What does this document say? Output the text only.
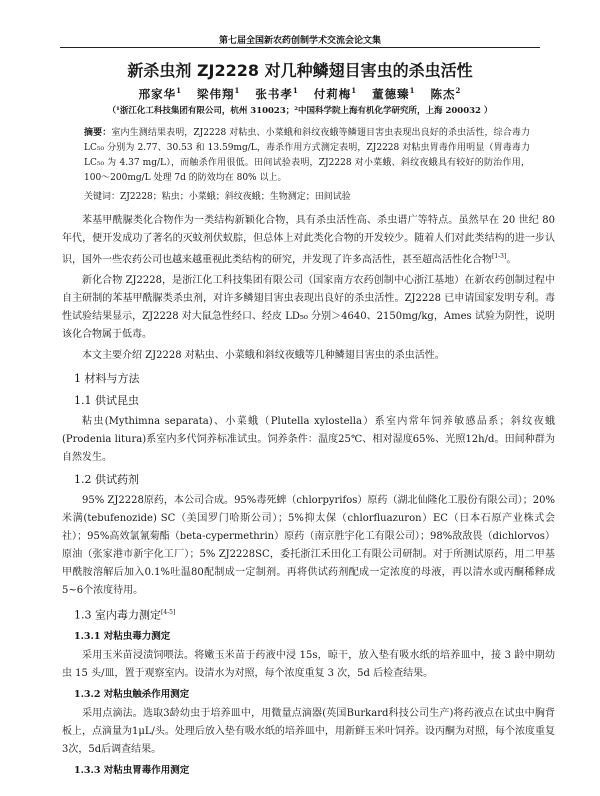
第七届全国新农药创制学术交流会论文集
新杀虫剂 ZJ2228 对几种鳞翅目害虫的杀虫活性
邢家华$^1$ 梁伟翔$^1$ 张书孝$^1$ 付莉梅$^1$ 董德臻$^1$ 陈杰$^2$
（¹浙江化工科技集团有限公司，杭州 310023；²中国科学院上海有机化学研究所，上海 200032 ）
摘要：室内生测结果表明，ZJ2228 对粘虫、小菜蛾和斜纹夜蛾等鳞翅目害虫表现出良好的杀虫活性，综合毒力 LC₅₀ 分别为 2.77、30.53 和 13.59mg/L，毒杀作用方式测定表明，ZJ2228 对粘虫胃毒作用明显（胃毒毒力 LC₅₀ 为 4.37 mg/L），而触杀作用很低。田间试验表明，ZJ2228 对小菜蛾、斜纹夜蛾具有较好的防治作用，100～200mg/L 处理 7d 的防效均在 80% 以上。
关键词：ZJ2228；粘虫；小菜蛾；斜纹夜蛾；生物测定；田间试验

苯基甲酰脲类化合物作为一类结构新颖化合物，具有杀虫活性高、杀虫谱广等特点。虽然早在 20 世纪 80 年代，便开发成功了著名的灭蚊剂伏蚁腙，但总体上对此类化合物的开发较少。随着人们对此类结构的进一步认识，国外一些农药公司也越来越重视此类结构的研究，并发现了许多高活性，甚至超高活性化合物[1-3]。

新化合物 ZJ2228，是浙江化工科技集团有限公司（国家南方农药创制中心浙江基地）在新农药创制过程中自主研制的苯基甲酰脲类杀虫剂，对许多鳞翅目害虫表现出良好的杀虫活性。ZJ2228 已申请国家发明专利。毒性试验结果显示，ZJ2228 对大鼠急性经口、经皮 LD₅₀ 分别＞4640、2150mg/kg，Ames 试验为阴性，说明该化合物属于低毒。

本文主要介绍 ZJ2228 对粘虫、小菜蛾和斜纹夜蛾等几种鳞翅目害虫的杀虫活性。

1 材料与方法
1.1 供试昆虫

粘虫(Mythimna separata)、小菜蛾（Plutella xylostella）系室内常年饲养敏感品系；斜纹夜蛾(Prodenia litura)系室内多代饲养标准试虫。饲养条件：温度25℃、相对湿度65%、光照12h/d。田间种群为自然发生。

1.2 供试药剂

95% ZJ2228原药，本公司合成。95%毒死蜱（chlorpyrifos）原药（湖北仙隆化工股份有限公司）；20% 米满(tebufenozide) SC（美国罗门哈斯公司）；5%抑太保（chlorfluazuron）EC（日本石原产业株式会社）；95%高效氯氰菊酯（beta-cypermethrin）原药（南京胜宇化工有限公司）；98%敌敌畏（dichlorvos）原油（张家港市新宇化工厂）；5% ZJ2228SC，委托浙江禾田化工有限公司研制。对于所测试原药，用二甲基甲酰胺溶解后加入0.1%吐温80配制成一定制剂。再将供试药剂配成一定浓度的母液，再以清水或丙酮稀释成5~6个浓度待用。

1.3 室内毒力测定[4-5]
1.3.1 对粘虫毒力测定

采用玉米苗浸渍饲喂法。将嫩玉米苗于药液中浸 15s，晾干，放入垫有吸水纸的培养皿中，接 3 龄中期幼虫 15 头/皿，置于观察室内。设清水为对照，每个浓度重复 3 次，5d 后检查结果。

1.3.2 对粘虫触杀作用测定

采用点滴法。选取3龄幼虫于培养皿中，用微量点滴器(英国Burkard科技公司生产)将药液点在试虫中胸背板上，点滴量为1μL/头。处理后放入垫有吸水纸的培养皿中，用新鲜玉米叶饲养。设丙酮为对照，每个浓度重复3次，5d后调查结果。

1.3.3 对粘虫胃毒作用测定
